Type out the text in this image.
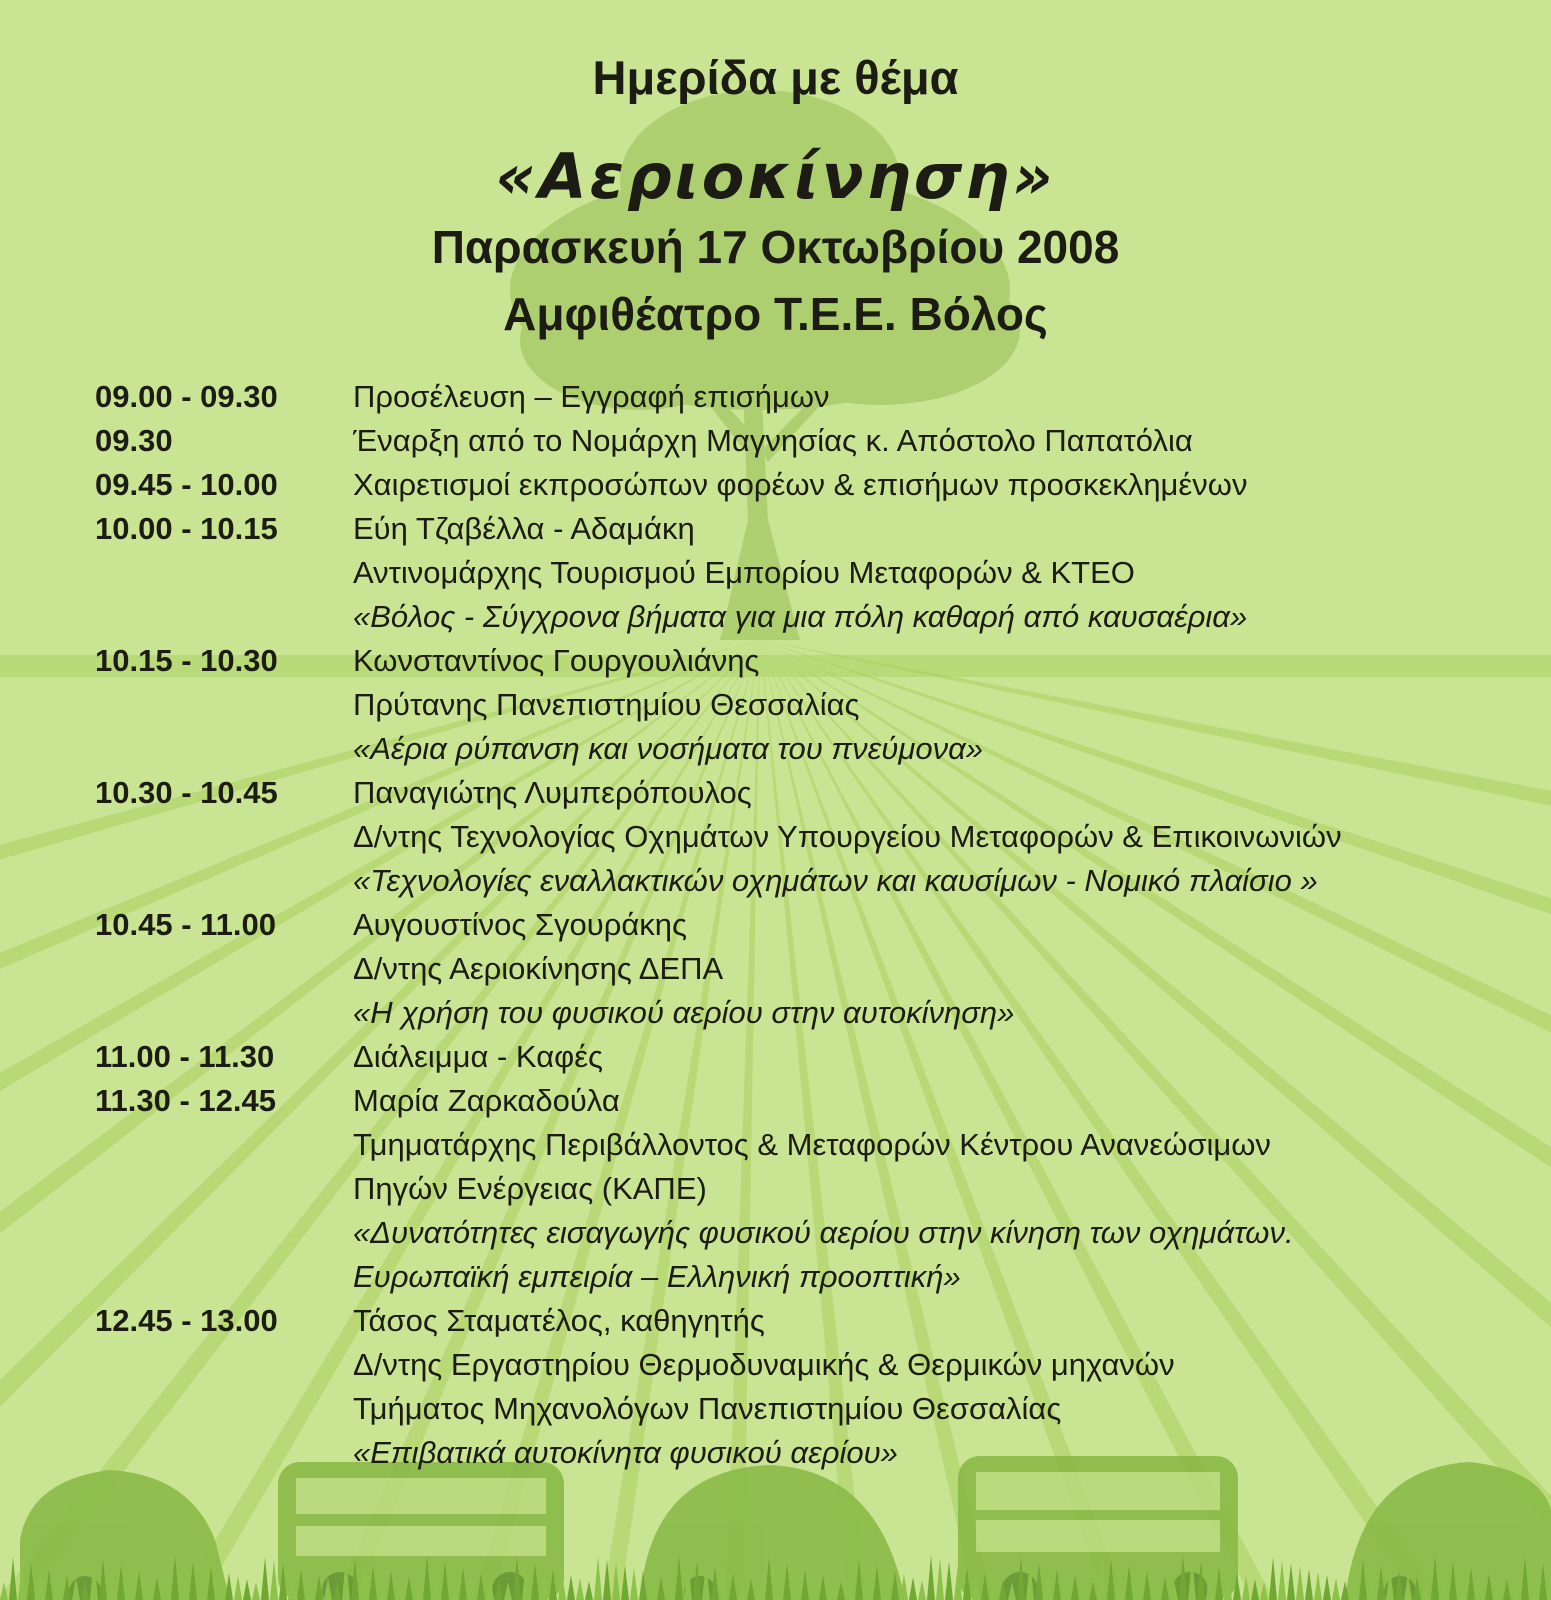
Ημερίδα με θέμα
«Αεριοκίνηση»
Παρασκευή 17 Οκτωβρίου 2008
Αμφιθέατρο Τ.Ε.Ε. Βόλος
09.00 - 09.30	Προσέλευση – Εγγραφή επισήμων
09.30	Έναρξη από το Νομάρχη Μαγνησίας κ. Απόστολο Παπατόλια
09.45 - 10.00	Χαιρετισμοί εκπροσώπων φορέων & επισήμων προσκεκλημένων
10.00 - 10.15	Εύη Τζαβέλλα - Αδαμάκη
Αντινομάρχης Τουρισμού Εμπορίου Μεταφορών & ΚΤΕΟ
«Βόλος - Σύγχρονα βήματα για μια πόλη καθαρή από καυσαέρια»
10.15 - 10.30	Κωνσταντίνος Γουργουλιάνης
Πρύτανης Πανεπιστημίου Θεσσαλίας
«Αέρια ρύπανση και νοσήματα του πνεύμονα»
10.30 - 10.45	Παναγιώτης Λυμπερόπουλος
Δ/ντης Τεχνολογίας Οχημάτων Υπουργείου Μεταφορών & Επικοινωνιών
«Τεχνολογίες εναλλακτικών οχημάτων και καυσίμων - Νομικό πλαίσιο »
10.45 - 11.00	Αυγουστίνος Σγουράκης
Δ/ντης Αεριοκίνησης ΔΕΠΑ
«Η χρήση του φυσικού αερίου στην αυτοκίνηση»
11.00 - 11.30	Διάλειμμα - Καφές
11.30 - 12.45	Μαρία Ζαρκαδούλα
Τμηματάρχης Περιβάλλοντος & Μεταφορών Κέντρου Ανανεώσιμων
Πηγών Ενέργειας (ΚΑΠΕ)
«Δυνατότητες εισαγωγής φυσικού αερίου στην κίνηση των οχημάτων.
Ευρωπαϊκή εμπειρία – Ελληνική προοπτική»
12.45 - 13.00	Τάσος Σταματέλος, καθηγητής
Δ/ντης Εργαστηρίου Θερμοδυναμικής & Θερμικών μηχανών
Τμήματος Μηχανολόγων Πανεπιστημίου Θεσσαλίας
«Επιβατικά αυτοκίνητα φυσικού αερίου»
